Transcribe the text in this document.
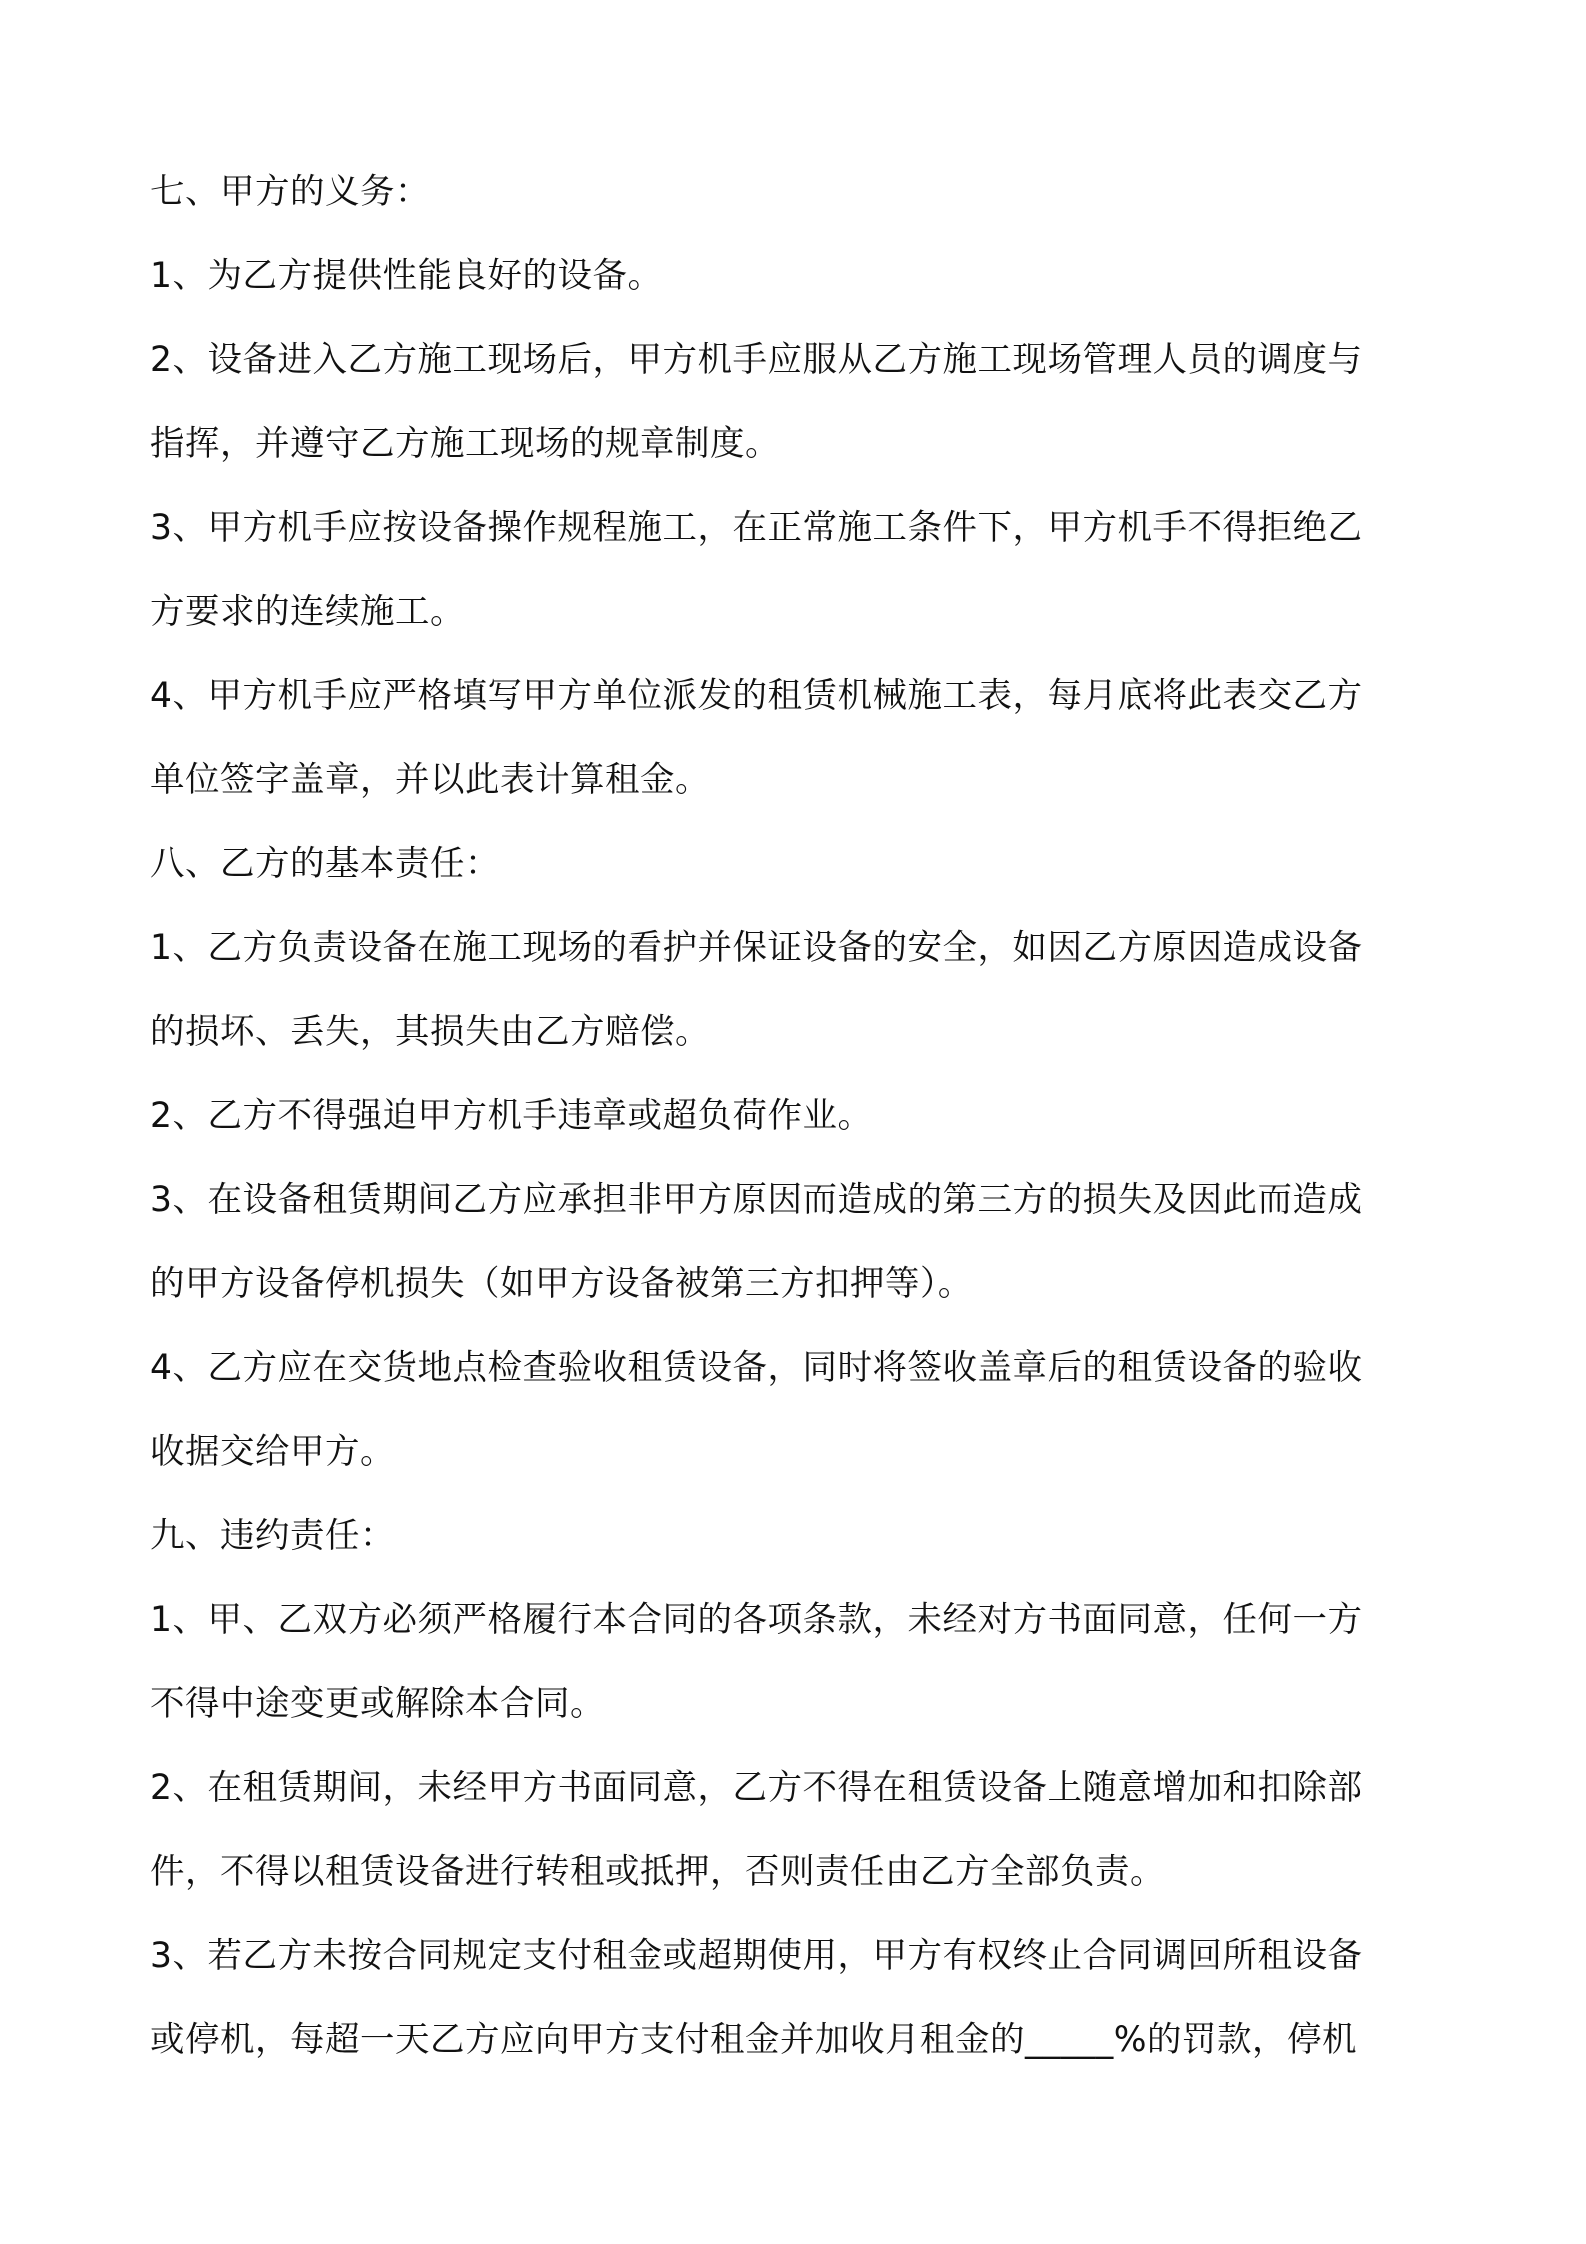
七、甲方的义务：
1、为乙方提供性能良好的设备。
2、设备进入乙方施工现场后，甲方机手应服从乙方施工现场管理人员的调度与
指挥，并遵守乙方施工现场的规章制度。
3、甲方机手应按设备操作规程施工，在正常施工条件下，甲方机手不得拒绝乙
方要求的连续施工。
4、甲方机手应严格填写甲方单位派发的租赁机械施工表，每月底将此表交乙方
单位签字盖章，并以此表计算租金。
八、乙方的基本责任：
1、乙方负责设备在施工现场的看护并保证设备的安全，如因乙方原因造成设备
的损坏、丢失，其损失由乙方赔偿。
2、乙方不得强迫甲方机手违章或超负荷作业。
3、在设备租赁期间乙方应承担非甲方原因而造成的第三方的损失及因此而造成
的甲方设备停机损失（如甲方设备被第三方扣押等）。
4、乙方应在交货地点检查验收租赁设备，同时将签收盖章后的租赁设备的验收
收据交给甲方。
九、违约责任：
1、甲、乙双方必须严格履行本合同的各项条款，未经对方书面同意，任何一方
不得中途变更或解除本合同。
2、在租赁期间，未经甲方书面同意，乙方不得在租赁设备上随意增加和扣除部
件，不得以租赁设备进行转租或抵押，否则责任由乙方全部负责。
3、若乙方未按合同规定支付租金或超期使用，甲方有权终止合同调回所租设备
或停机，每超一天乙方应向甲方支付租金并加收月租金的_____%的罚款，停机
